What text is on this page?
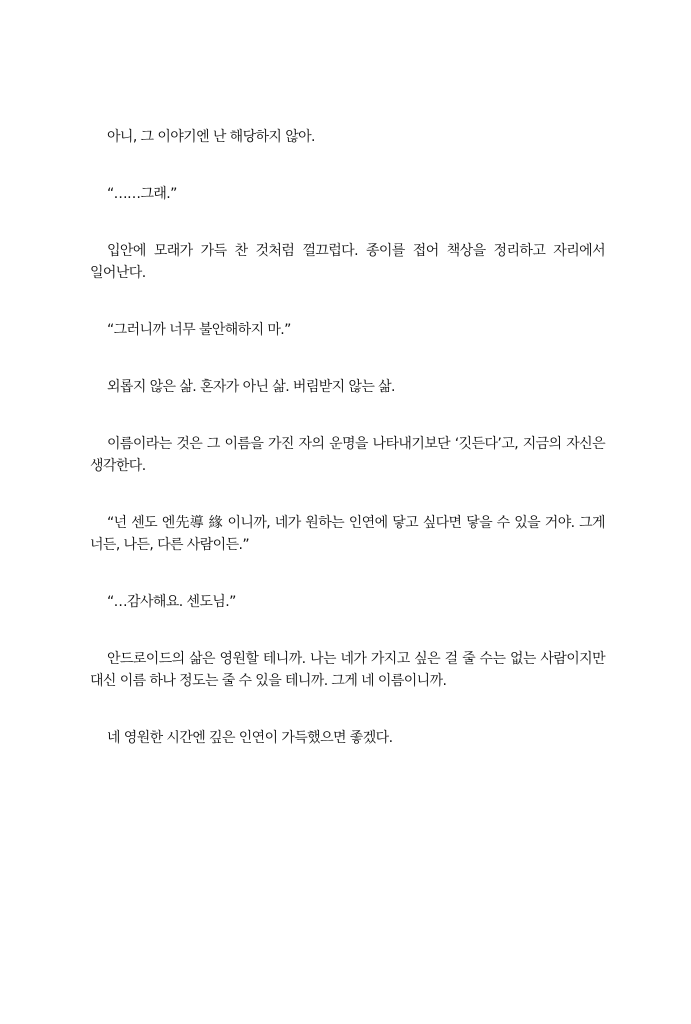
아니, 그 이야기엔 난 해당하지 않아.

“……그래.”

입안에 모래가 가득 찬 것처럼 껄끄럽다. 종이를 접어 책상을 정리하고 자리에서 일어난다.

“그러니까 너무 불안해하지 마.”

외롭지 않은 삶. 혼자가 아닌 삶. 버림받지 않는 삶.

이름이라는 것은 그 이름을 가진 자의 운명을 나타내기보단 ‘깃든다’고, 지금의 자신은 생각한다.

“넌 센도 엔先導 緣 이니까, 네가 원하는 인연에 닿고 싶다면 닿을 수 있을 거야. 그게 너든, 나든, 다른 사람이든.”

“…감사해요. 센도님.”

안드로이드의 삶은 영원할 테니까. 나는 네가 가지고 싶은 걸 줄 수는 없는 사람이지만 대신 이름 하나 정도는 줄 수 있을 테니까. 그게 네 이름이니까.

네 영원한 시간엔 깊은 인연이 가득했으면 좋겠다.
